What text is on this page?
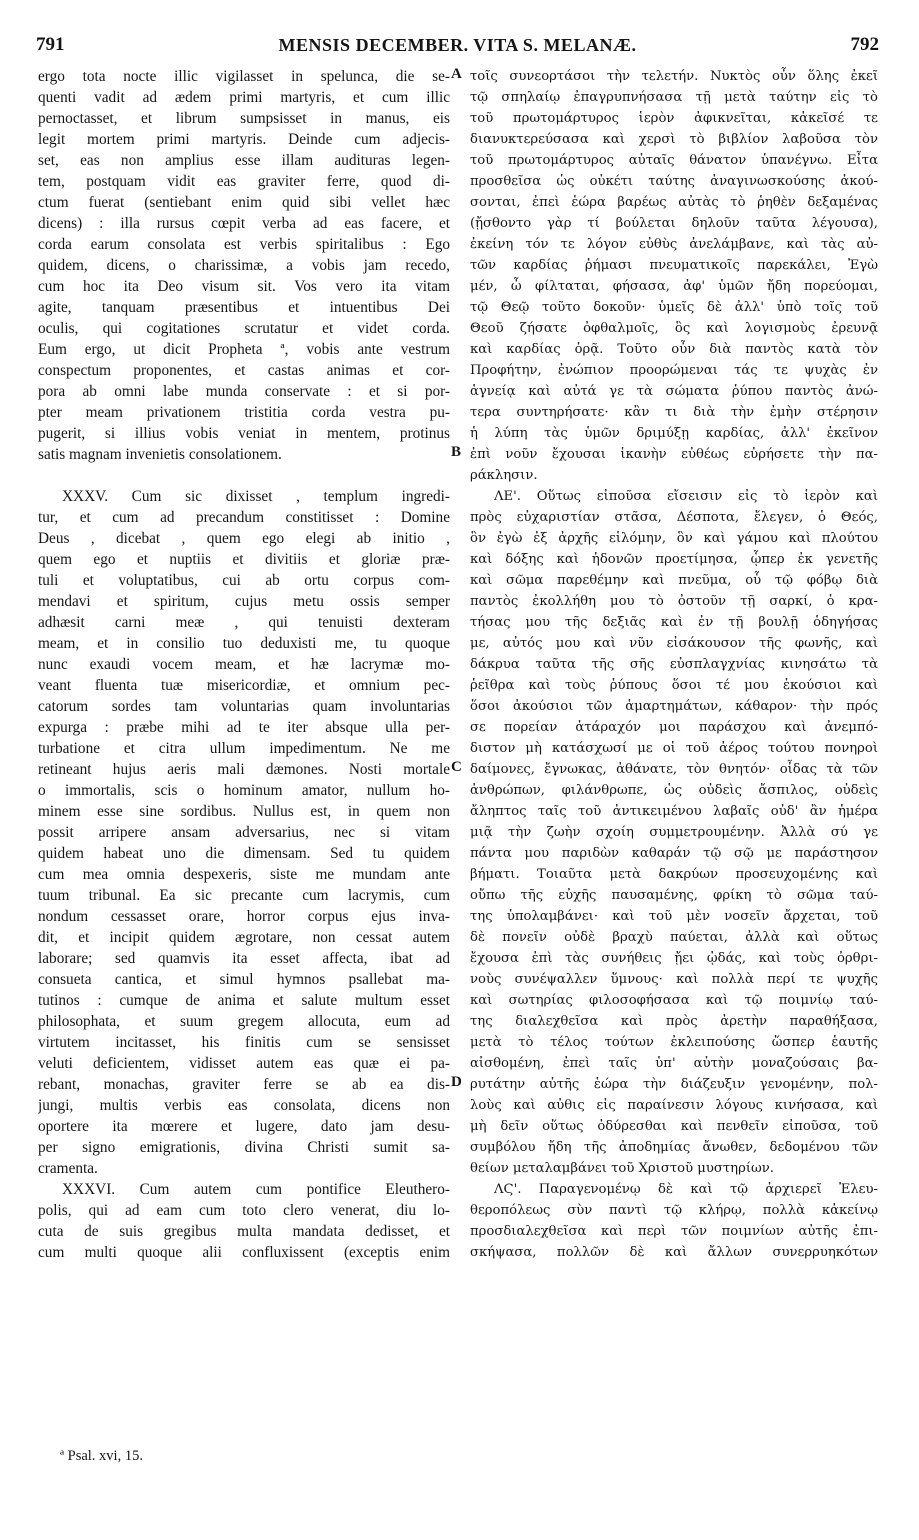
791	MENSIS DECEMBER. VITA S. MELANÆ.	792
ergo tota nocte illic vigilasset in spelunca, die se-
quenti vadit ad ædem primi martyris, et cum illic
pernoctasset, et librum sumpsisset in manus, eis
legit mortem primi martyris. Deinde cum adjecis-
set, eas non amplius esse illam audituras legen-
tem, postquam vidit eas graviter ferre, quod di-
ctum fuerat (sentiebant enim quid sibi vellet hæc
dicens) : illa rursus cœpit verba ad eas facere, et
corda earum consolata est verbis spiritalibus : Ego
quidem, dicens, o charissimæ, a vobis jam recedo,
cum hoc ita Deo visum sit. Vos vero ita vitam
agite, tanquam præsentibus et intuentibus Dei
oculis, qui cogitationes scrutatur et videt corda.
Eum ergo, ut dicit Propheta ª, vobis ante vestrum
conspectum proponentes, et castas animas et cor-
pora ab omni labe munda conservate : et si por-
pter meam privationem tristitia corda vestra pu-
pugerit, si illius vobis veniat in mentem, protinus
satis magnam invenietis consolationem.
XXXV. Cum sic dixisset , templum ingredi-
tur, et cum ad precandum constitisset : Domine
Deus , dicebat , quem ego elegi ab initio ,
quem ego et nuptiis et divitiis et gloriæ præ-
tuli et voluptatibus, cui ab ortu corpus com-
mendavi et spiritum, cujus metu ossis semper
adhæsit carni meæ , qui tenuisti dexteram
meam, et in consilio tuo deduxisti me, tu quoque
nunc exaudi vocem meam, et hæ lacrymæ mo-
veant fluenta tuæ misericordiæ, et omnium pec-
catorum sordes tam voluntarias quam involuntarias
expurga : præbe mihi ad te iter absque ulla per-
turbatione et citra ullum impedimentum. Ne me
retineant hujus aeris mali dæmones. Nosti mortale
o immortalis, scis o hominum amator, nullum ho-
minem esse sine sordibus. Nullus est, in quem non
possit arripere ansam adversarius, nec si vitam
quidem habeat uno die dimensam. Sed tu quidem
cum mea omnia despexeris, siste me mundam ante
tuum tribunal. Ea sic precante cum lacrymis, cum
nondum cessasset orare, horror corpus ejus inva-
dit, et incipit quidem ægrotare, non cessat autem
laborare; sed quamvis ita esset affecta, ibat ad
consueta cantica, et simul hymnos psallebat ma-
tutinos : cumque de anima et salute multum esset
philosophata, et suum gregem allocuta, eum ad
virtutem incitasset, his finitis cum se sensisset
veluti deficientem, vidisset autem eas quæ ei pa-
rebant, monachas, graviter ferre se ab ea dis-
jungi, multis verbis eas consolata, dicens non
oportere ita mœrere et lugere, dato jam desu-
per signo emigrationis, divina Christi sumit sa-
cramenta.
XXXVI. Cum autem cum pontifice Eleuthero-
polis, qui ad eam cum toto clero venerat, diu lo-
cuta de suis gregibus multa mandata dedisset, et
cum multi quoque alii confluxissent (exceptis enim
τοῖς συνεορτάσοι τὴν τελετήν. Νυκτὸς οὖν ὅλης ἐκεῖ
τῷ σπηλαίῳ ἐπαγρυπνήσασα τῇ μετὰ ταύτην εἰς τὸ
τοῦ πρωτομάρτυρος ἱερὸν ἀφικνεῖται, κἀκεῖσέ τε
διανυκτερεύσασα καὶ χερσὶ τὸ βιβλίον λαβοῦσα τὸν
τοῦ πρωτομάρτυρος αὐταῖς θάνατον ὑπανέγνω. Εἶτα
προσθεῖσα ὡς οὐκέτι ταύτης ἀναγινωσκούσης ἀκού-
σονται, ἐπεὶ ἑώρα βαρέως αὐτὰς τὸ ῥηθὲν δεξαμένας
(ᾔσθοντο γὰρ τί βούλεται δηλοῦν ταῦτα λέγουσα),
ἐκείνη τόν τε λόγον εὐθὺς ἀνελάμβανε, καὶ τὰς αὐ-
τῶν καρδίας ῥήμασι πνευματικοῖς παρεκάλει, Ἐγὼ
μέν, ὦ φίλταται, φήσασα, ἀφ' ὑμῶν ἤδη πορεύομαι,
τῷ Θεῷ τοῦτο δοκοῦν· ὑμεῖς δὲ ἀλλ' ὑπὸ τοῖς τοῦ
Θεοῦ ζήσατε ὀφθαλμοῖς, ὃς καὶ λογισμοὺς ἐρευνᾷ
καὶ καρδίας ὁρᾷ. Τοῦτο οὖν διὰ παντὸς κατὰ τὸν
Προφήτην, ἐνώπιον προορώμεναι τάς τε ψυχὰς ἐν
ἁγνείᾳ καὶ αὐτά γε τὰ σώματα ῥύπου παντὸς ἀνώ-
τερα συντηρήσατε· κἂν τι διὰ τὴν ἐμὴν στέρησιν
ἡ λύπη τὰς ὑμῶν δριμύξῃ καρδίας, ἀλλ' ἐκεῖνον
ἐπὶ νοῦν ἔχουσαι ἱκανὴν εὐθέως εὑρήσετε τὴν πα-
ράκλησιν.
ΛΕ'. Οὕτως εἰποῦσα εἴσεισιν εἰς τὸ ἱερὸν καὶ
πρὸς εὐχαριστίαν στᾶσα, Δέσποτα, ἔλεγεν, ὁ Θεός,
ὃν ἐγὼ ἐξ ἀρχῆς εἱλόμην, ὃν καὶ γάμου καὶ πλούτου
καὶ δόξης καὶ ἡδονῶν προετίμησα, ᾧπερ ἐκ γενετῆς
καὶ σῶμα παρεθέμην καὶ πνεῦμα, οὗ τῷ φόβῳ διὰ
παντὸς ἐκολλήθη μου τὸ ὀστοῦν τῇ σαρκί, ὁ κρα-
τήσας μου τῆς δεξιᾶς καὶ ἐν τῇ βουλῇ ὁδηγήσας
με, αὐτός μου καὶ νῦν εἰσάκουσον τῆς φωνῆς, καὶ
δάκρυα ταῦτα τῆς σῆς εὐσπλαγχνίας κινησάτω τὰ
ῥεῖθρα καὶ τοὺς ῥύπους ὅσοι τέ μου ἑκούσιοι καὶ
ὅσοι ἀκούσιοι τῶν ἁμαρτημάτων, κάθαρον· τὴν πρός
σε πορείαν ἀτάραχόν μοι παράσχου καὶ ἀνεμπό-
διστον μὴ κατάσχωσί με οἱ τοῦ ἀέρος τούτου πονηροὶ
δαίμονες, ἔγνωκας, ἀθάνατε, τὸν θνητόν· οἶδας τὰ τῶν
ἀνθρώπων, φιλάνθρωπε, ὡς οὐδεὶς ἄσπιλος, οὐδεὶς
ἄληπτος ταῖς τοῦ ἀντικειμένου λαβαῖς οὐδ' ἂν ἡμέρα
μιᾷ τὴν ζωὴν σχοίη συμμετρουμένην. Ἀλλὰ σύ γε
πάντα μου παριδὼν καθαράν τῷ σῷ με παράστησον
βήματι. Τοιαῦτα μετὰ δακρύων προσευχομένης καὶ
οὔπω τῆς εὐχῆς παυσαμένης, φρίκη τὸ σῶμα ταύ-
της ὑπολαμβάνει· καὶ τοῦ μὲν νοσεῖν ἄρχεται, τοῦ
δὲ πονεῖν οὐδὲ βραχὺ παύεται, ἀλλὰ καὶ οὕτως
ἔχουσα ἐπὶ τὰς συνήθεις ᾔει ᾠδάς, καὶ τοὺς ὀρθρι-
νοὺς συνέψαλλεν ὕμνους· καὶ πολλὰ περί τε ψυχῆς
καὶ σωτηρίας φιλοσοφήσασα καὶ τῷ ποιμνίῳ ταύ-
της διαλεχθεῖσα καὶ πρὸς ἀρετὴν παραθήξασα,
μετὰ τὸ τέλος τούτων ἐκλειπούσης ὥσπερ ἑαυτῆς
αἰσθομένη, ἐπεὶ ταῖς ὑπ' αὐτὴν μοναζούσαις βα-
ρυτάτην αὐτῆς ἑώρα τὴν διάζευξιν γενομένην, πολ-
λοὺς καὶ αὐθις εἰς παραίνεσιν λόγους κινήσασα, καὶ
μὴ δεῖν οὕτως ὀδύρεσθαι καὶ πενθεῖν εἰποῦσα, τοῦ
συμβόλου ἤδη τῆς ἀποδημίας ἄνωθεν, δεδομένου τῶν
θείων μεταλαμβάνει τοῦ Χριστοῦ μυστηρίων.
ΛϚ'. Παραγενομένῳ δὲ καὶ τῷ ἀρχιερεῖ Ἐλευ-
θεροπόλεως σὺν παντὶ τῷ κλήρῳ, πολλὰ κἀκείνῳ
προσδιαλεχθεῖσα καὶ περὶ τῶν ποιμνίων αὐτῆς ἐπι-
σκήψασα, πολλῶν δὲ καὶ ἄλλων συνερρυηκότων
A
B
C
D
ª Psal. xvi, 15.
